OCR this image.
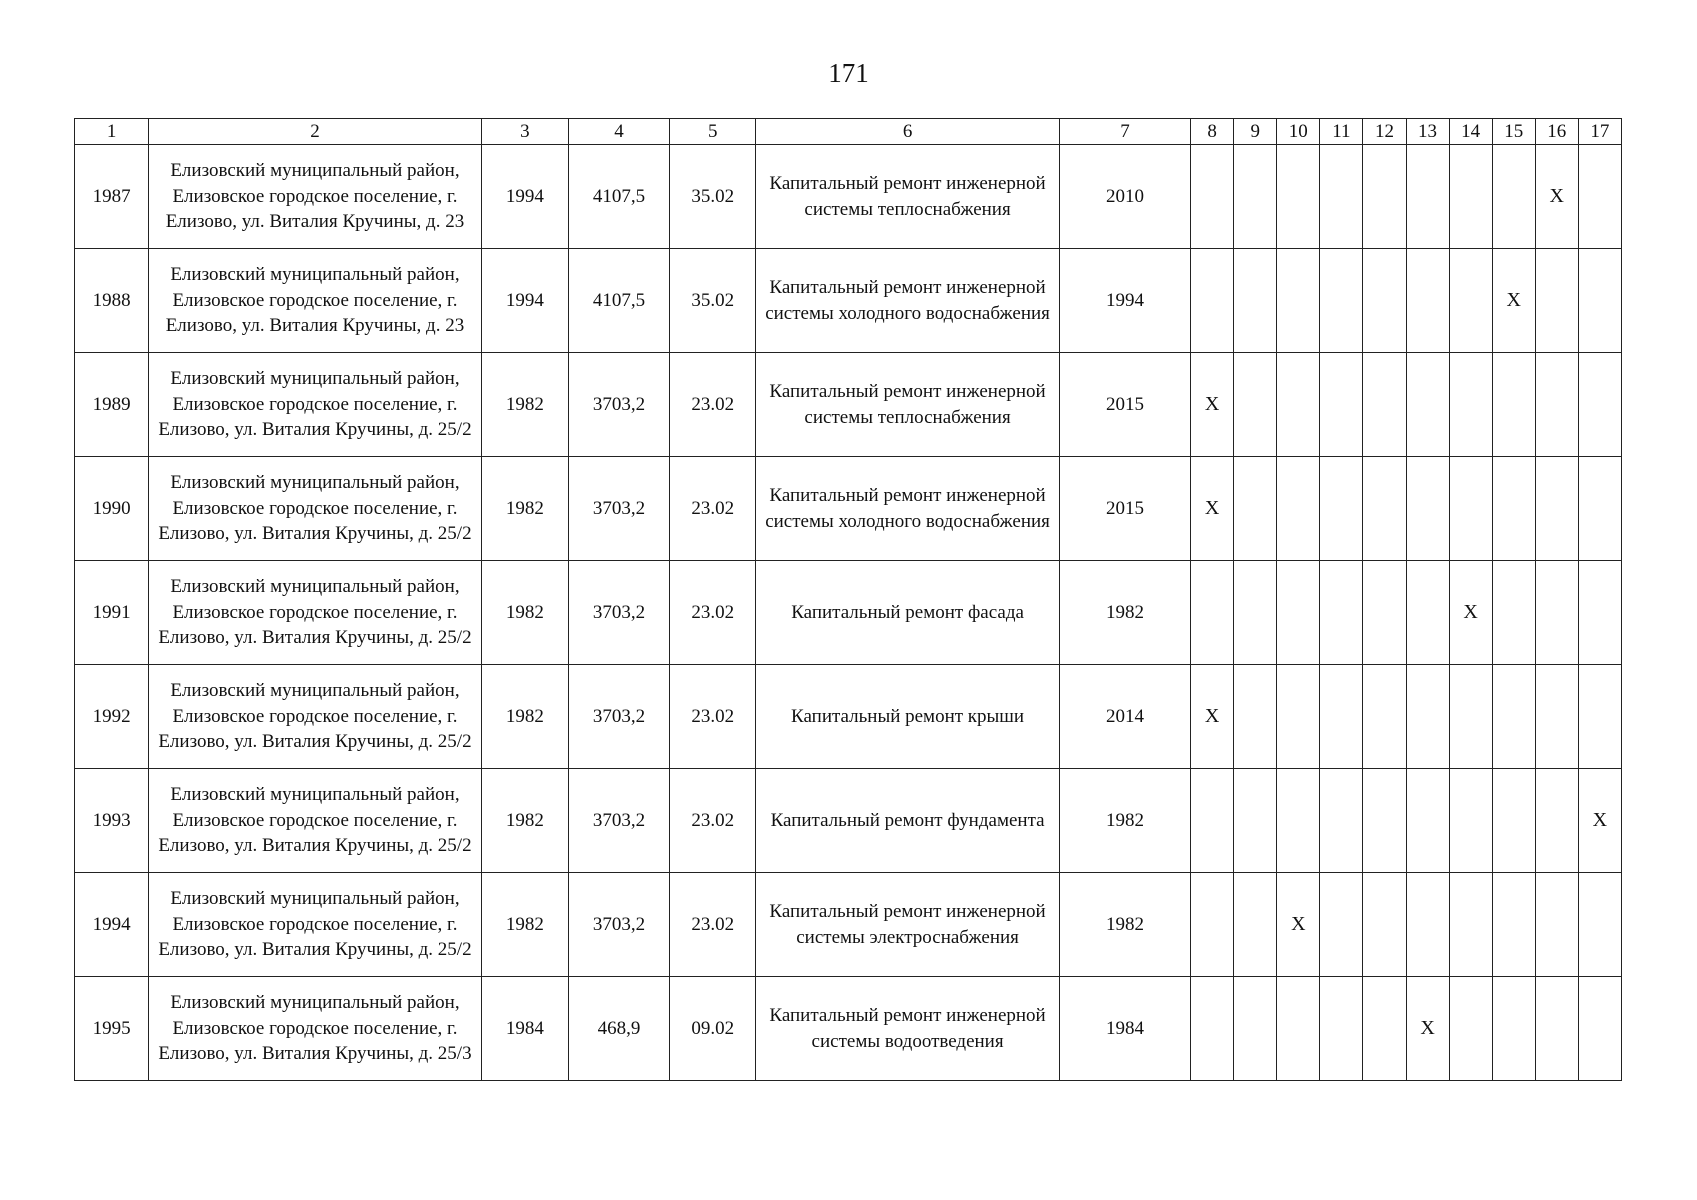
171
1	2	3	4	5	6	7	8	9	10	11	12	13	14	15	16	17
1987	Елизовский муниципальный район, Елизовское городское поселение, г. Елизово, ул. Виталия Кручины, д. 23	1994	4107,5	35.02	Капитальный ремонт инженерной системы теплоснабжения	2010									X	
1988	Елизовский муниципальный район, Елизовское городское поселение, г. Елизово, ул. Виталия Кручины, д. 23	1994	4107,5	35.02	Капитальный ремонт инженерной системы холодного водоснабжения	1994								X		
1989	Елизовский муниципальный район, Елизовское городское поселение, г. Елизово, ул. Виталия Кручины, д. 25/2	1982	3703,2	23.02	Капитальный ремонт инженерной системы теплоснабжения	2015	X									
1990	Елизовский муниципальный район, Елизовское городское поселение, г. Елизово, ул. Виталия Кручины, д. 25/2	1982	3703,2	23.02	Капитальный ремонт инженерной системы холодного водоснабжения	2015	X									
1991	Елизовский муниципальный район, Елизовское городское поселение, г. Елизово, ул. Виталия Кручины, д. 25/2	1982	3703,2	23.02	Капитальный ремонт фасада	1982							X			
1992	Елизовский муниципальный район, Елизовское городское поселение, г. Елизово, ул. Виталия Кручины, д. 25/2	1982	3703,2	23.02	Капитальный ремонт крыши	2014	X									
1993	Елизовский муниципальный район, Елизовское городское поселение, г. Елизово, ул. Виталия Кручины, д. 25/2	1982	3703,2	23.02	Капитальный ремонт фундамента	1982										X
1994	Елизовский муниципальный район, Елизовское городское поселение, г. Елизово, ул. Виталия Кручины, д. 25/2	1982	3703,2	23.02	Капитальный ремонт инженерной системы электроснабжения	1982			X							
1995	Елизовский муниципальный район, Елизовское городское поселение, г. Елизово, ул. Виталия Кручины, д. 25/3	1984	468,9	09.02	Капитальный ремонт инженерной системы водоотведения	1984						X				
